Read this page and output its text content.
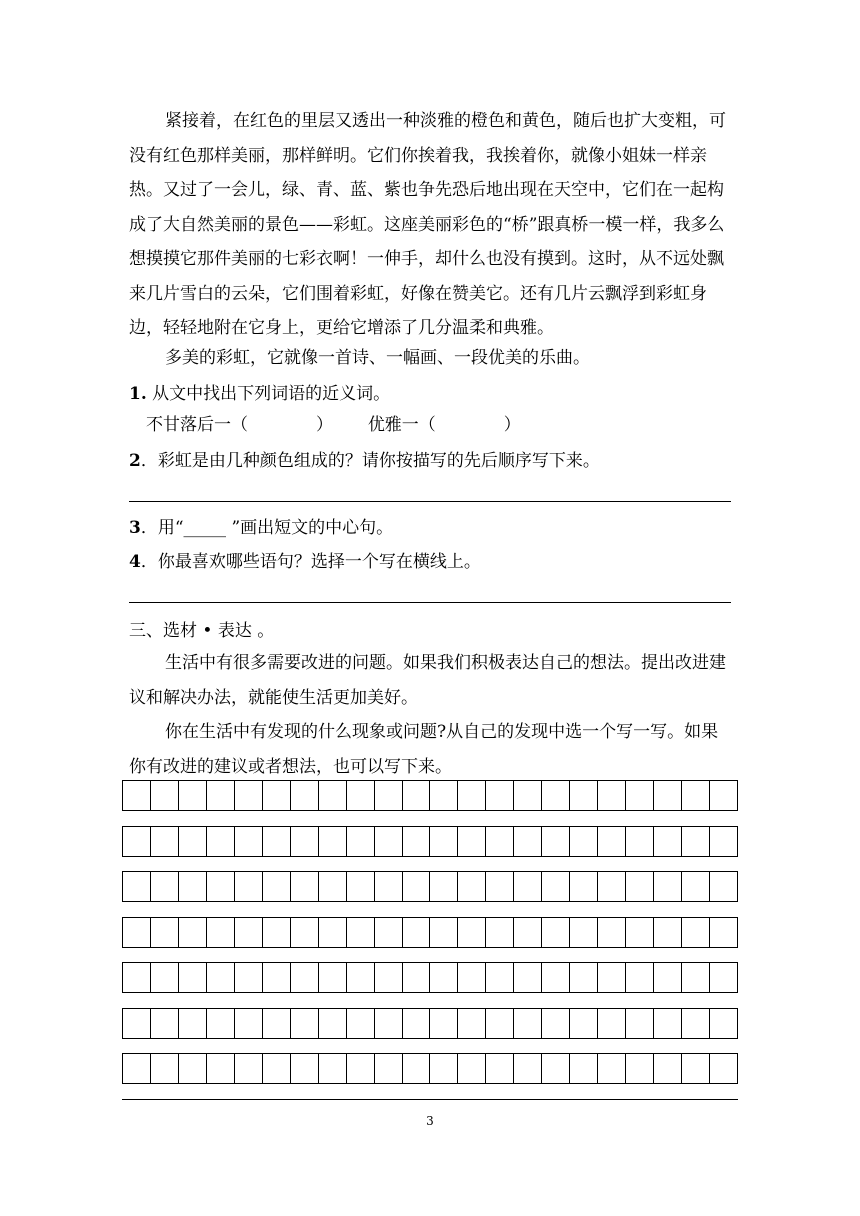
紧接着，在红色的里层又透出一种淡雅的橙色和黄色，随后也扩大变粗，可没有红色那样美丽，那样鲜明。它们你挨着我，我挨着你，就像小姐妹一样亲热。又过了一会儿，绿、青、蓝、紫也争先恐后地出现在天空中，它们在一起构成了大自然美丽的景色——彩虹。这座美丽彩色的“桥”跟真桥一模一样，我多么想摸摸它那件美丽的七彩衣啊！一伸手，却什么也没有摸到。这时，从不远处飘来几片雪白的云朵，它们围着彩虹，好像在赞美它。还有几片云飘浮到彩虹身边，轻轻地附在它身上，更给它增添了几分温柔和典雅。

多美的彩虹，它就像一首诗、一幅画、一段优美的乐曲。

1. 从文中找出下列词语的近义词。

不甘落后一（　　　　） 优雅一（　　　　）

2．彩虹是由几种颜色组成的？请你按描写的先后顺序写下来。

3．用“_____ ”画出短文的中心句。

4．你最喜欢哪些语句？选择一个写在横线上。

三、选材 • 表达 。

生活中有很多需要改进的问题。如果我们积极表达自己的想法。提出改进建议和解决办法，就能使生活更加美好。

你在生活中有发现的什么现象或问题?从自己的发现中选一个写一写。如果你有改进的建议或者想法，也可以写下来。

3
